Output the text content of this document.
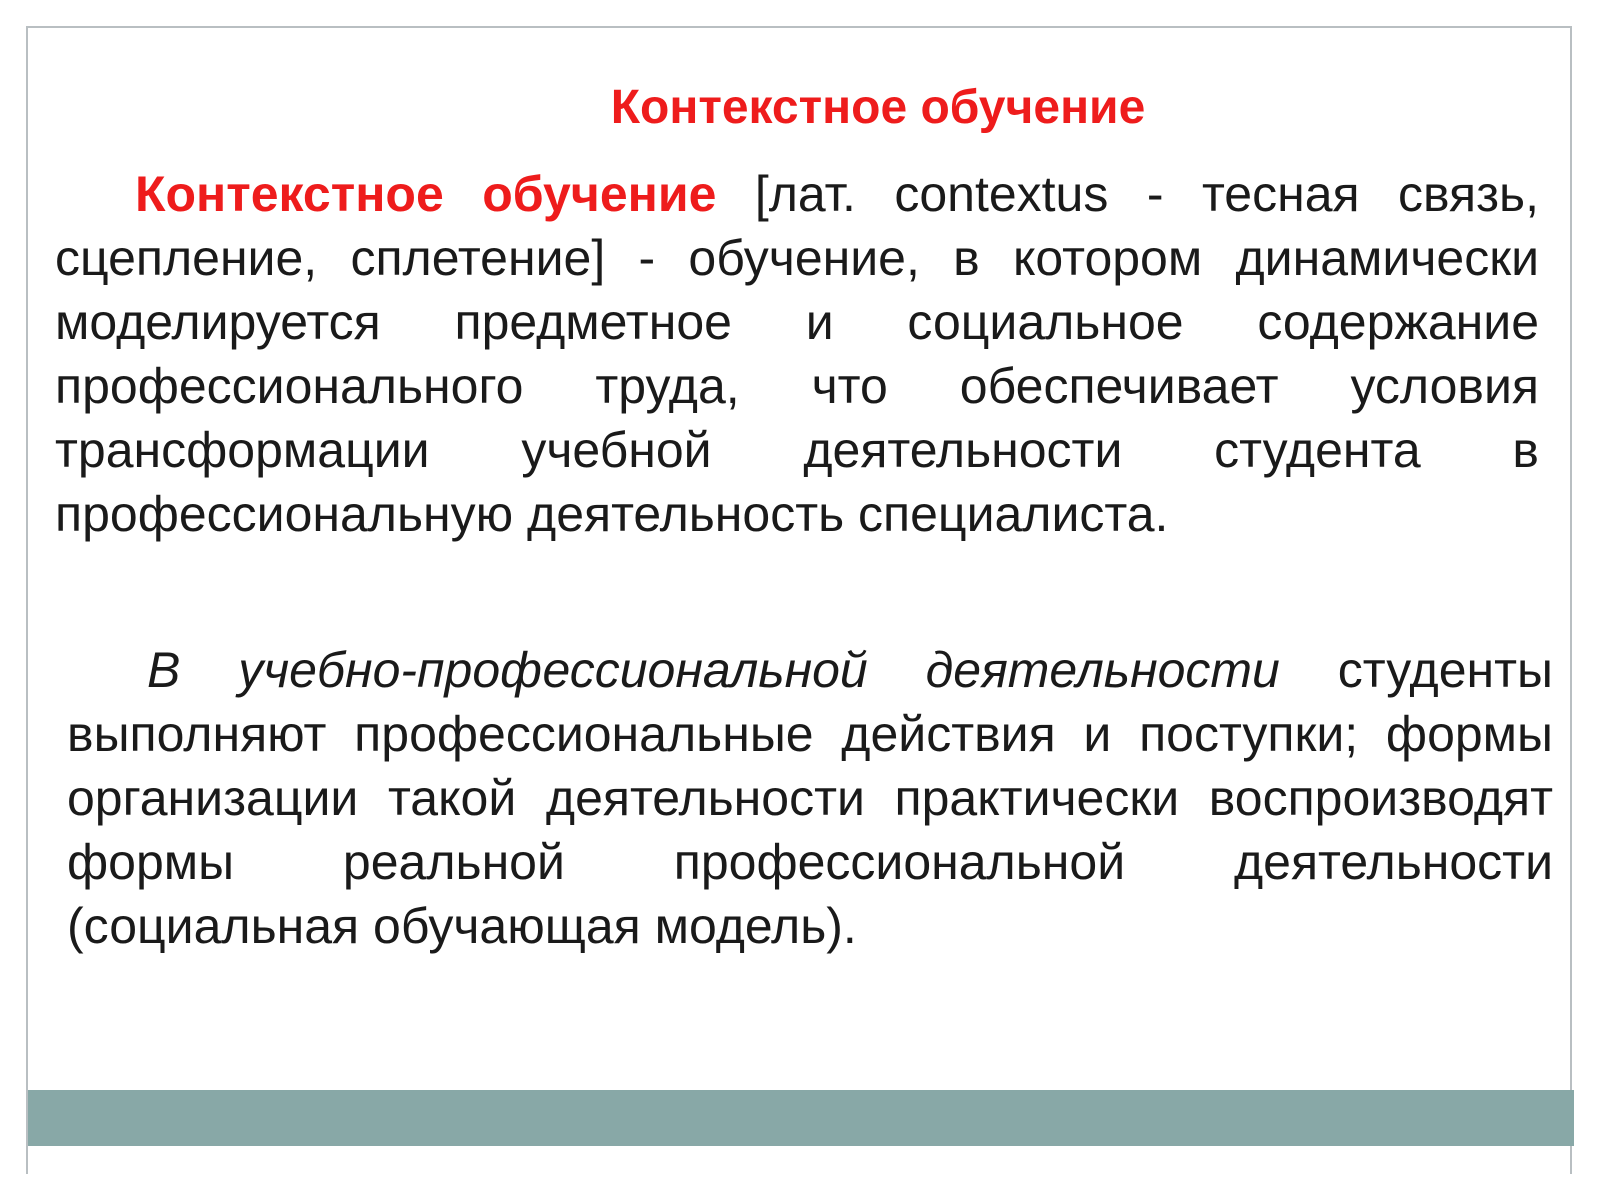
Контекстное обучение

Контекстное обучение [лат. contextus - тесная связь, сцепление, сплетение] - обучение, в котором динамически моделируется предметное и социальное содержание профессионального труда, что обеспечивает условия трансформации учебной деятельности студента в профессиональную деятельность специалиста.

В учебно-профессиональной деятельности студенты выполняют профессиональные действия и поступки; формы организации такой деятельности практически воспроизводят формы реальной профессиональной деятельности (социальная обучающая модель).
